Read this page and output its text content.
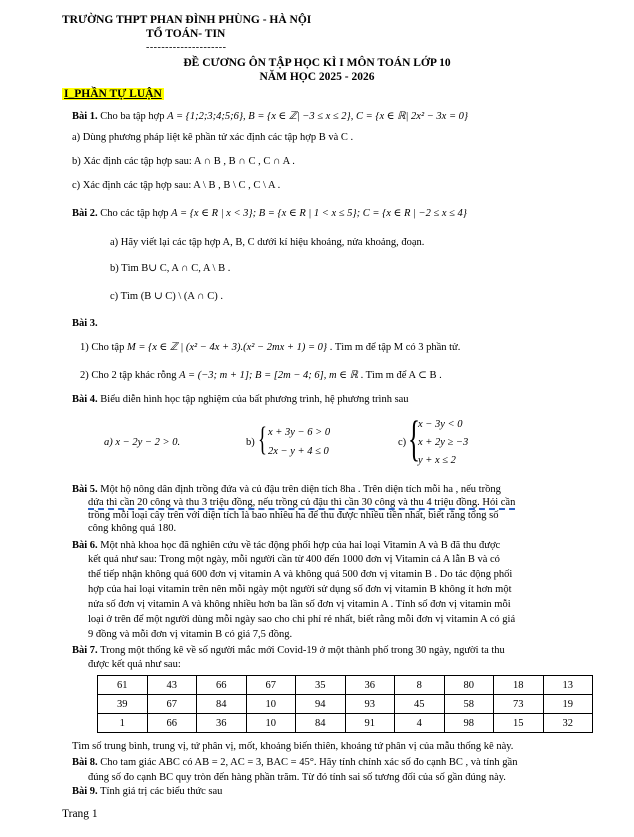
TRƯỜNG THPT PHAN ĐÌNH PHÙNG - HÀ NỘI
TỔ TOÁN- TIN
---------------------
ĐỀ CƯƠNG ÔN TẬP HỌC KÌ I MÔN TOÁN LỚP 10
NĂM HỌC 2025 - 2026
I_PHẦN TỰ LUẬN
Bài 1. Cho ba tập hợp A = {1;2;3;4;5;6}, B = {x ∈ ℤ| −3 ≤ x ≤ 2}, C = {x ∈ ℝ| 2x² − 3x = 0}
a) Dùng phương pháp liệt kê phần tử xác định các tập hợp B và C .
b) Xác định các tập hợp sau: A ∩ B , B ∩ C , C ∩ A .
c) Xác định các tập hợp sau: A \ B , B \ C , C \ A .
Bài 2. Cho các tập hợp A = {x ∈ R | x < 3}; B = {x ∈ R | 1 < x ≤ 5}; C = {x ∈ R | −2 ≤ x ≤ 4}
a) Hãy viết lại các tập hợp A, B, C dưới kí hiệu khoảng, nửa khoảng, đoạn.
b) Tìm B∪ C, A ∩ C, A \ B .
c) Tìm (B ∪ C) \ (A ∩ C) .
Bài 3.
1) Cho tập M = {x ∈ ℤ | (x² − 4x + 3).(x² − 2mx + 1) = 0} . Tìm m để tập M có 3 phần tử.
2) Cho 2 tập khác rỗng A = (−3; m + 1]; B = [2m − 4; 6], m ∈ ℝ . Tìm m để A ⊂ B .
Bài 4. Biểu diễn hình học tập nghiệm của bất phương trình, hệ phương trình sau
a) x − 2y − 2 > 0.	b) { x + 3y − 6 > 0
2x − y + 4 ≤ 0
c) {
x − 3y < 0
x + 2y ≥ −3
y + x ≤ 2
Bài 5. Một hộ nông dân định trồng đứa và củ đậu trên diện tích 8ha . Trên diện tích mỗi ha , nếu trồng
dứa thì cần 20 công và thu 3 triệu đồng, nếu trồng củ đậu thì cần 30 công và thu 4 triệu đồng. Hỏi cần
trồng mỗi loại cây trên với diện tích là bao nhiêu ha để thu được nhiều tiền nhất, biết rằng tổng số
công không quá 180.
Bài 6. Một nhà khoa học đã nghiên cứu về tác động phối hợp của hai loại Vitamin A và B đã thu được
kết quả như sau: Trong một ngày, mỗi người cần từ 400 đến 1000 đơn vị Vitamin cả A lẫn B và có
thể tiếp nhận không quá 600 đơn vị vitamin A và không quá 500 đơn vị vitamin B . Do tác động phối
hợp của hai loại vitamin trên nên mỗi ngày một người sử dụng số đơn vị vitamin B không ít hơn một
nửa số đơn vị vitamin A và không nhiều hơn ba lần số đơn vị vitamin A . Tính số đơn vị vitamin mỗi
loại ở trên để một người dùng mỗi ngày sao cho chi phí rẻ nhất, biết rằng mỗi đơn vị vitamin A có giá
9 đồng và mỗi đơn vị vitamin B có giá 7,5 đồng.
Bài 7. Trong một thống kê về số người mắc mới Covid-19 ở một thành phố trong 30 ngày, người ta thu
được kết quả như sau:
61	43	66	67	35	36	8	80	18	13
39	67	84	10	94	93	45	58	73	19
1	66	36	10	84	91	4	98	15	32
Tìm số trung bình, trung vị, tứ phân vị, mốt, khoảng biến thiên, khoảng tứ phân vị của mẫu thống kê này.
Bài 8. Cho tam giác ABC có AB = 2, AC = 3, BAC = 45°. Hãy tính chính xác số đo cạnh BC , và tính gần
đúng số đo cạnh BC quy tròn đến hàng phần trăm. Từ đó tính sai số tương đối của số gần đúng này.
Bài 9. Tính giá trị các biểu thức sau
Trang 1
